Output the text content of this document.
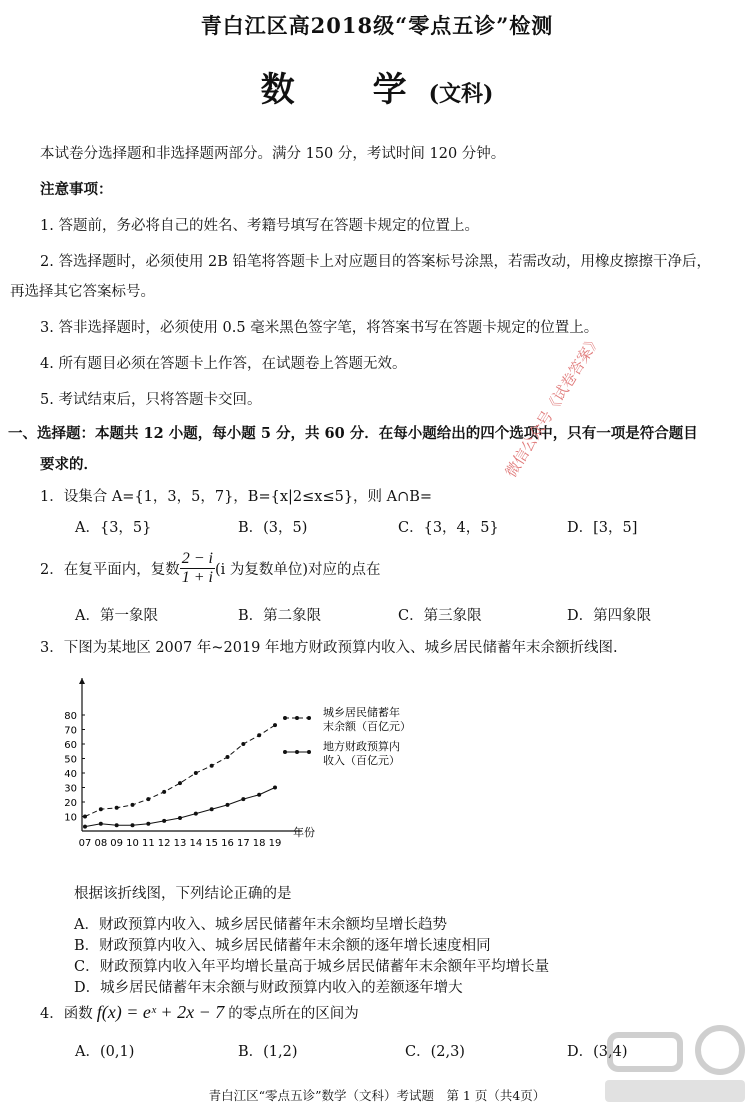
青白江区高2018级“零点五诊”检测
数　学(文科)
本试卷分选择题和非选择题两部分。满分 150 分，考试时间 120 分钟。
注意事项：
1. 答题前，务必将自己的姓名、考籍号填写在答题卡规定的位置上。
2. 答选择题时，必须使用 2B 铅笔将答题卡上对应题目的答案标号涂黑，若需改动，用橡皮擦擦干净后，
再选择其它答案标号。
3. 答非选择题时，必须使用 0.5 毫米黑色签字笔，将答案书写在答题卡规定的位置上。
4. 所有题目必须在答题卡上作答，在试题卷上答题无效。
5. 考试结束后，只将答题卡交回。
一、选择题：本题共 12 小题，每小题 5 分，共 60 分．在每小题给出的四个选项中，只有一项是符合题目
要求的．
1．设集合 A={1，3，5，7}，B={x|2≤x≤5}，则 A∩B=
A．{3，5}	B．(3，5)	C．{3，4，5}	D．[3，5]
2．在复平面内，复数 $\frac{2 - i}{1 + i} (i$ 为复数单位)对应的点在
A．第一象限	B．第二象限	C．第三象限	D．第四象限
3．下图为某地区 2007 年~2019 年地方财政预算内收入、城乡居民储蓄年末余额折线图.
10
20
30
40
50
60
70
80
07 08 09 10 11 12 13 14 15 16 17 18 19
城乡居民储蓄年
末余额（百亿元）
地方财政预算内
收入（百亿元）
年份
根据该折线图，下列结论正确的是
A．财政预算内收入、城乡居民储蓄年末余额均呈增长趋势
B．财政预算内收入、城乡居民储蓄年末余额的逐年增长速度相同
C．财政预算内收入年平均增长量高于城乡居民储蓄年末余额年平均增长量
D．城乡居民储蓄年末余额与财政预算内收入的差额逐年增大
4．函数 f(x) = eˣ + 2x − 7 的零点所在的区间为
A．(0,1)	B．(1,2)	C．(2,3)	D．(3,4)
微信公众号《试卷答案》
青白江区“零点五诊”数学（文科）考试题　第 1 页（共4页）
